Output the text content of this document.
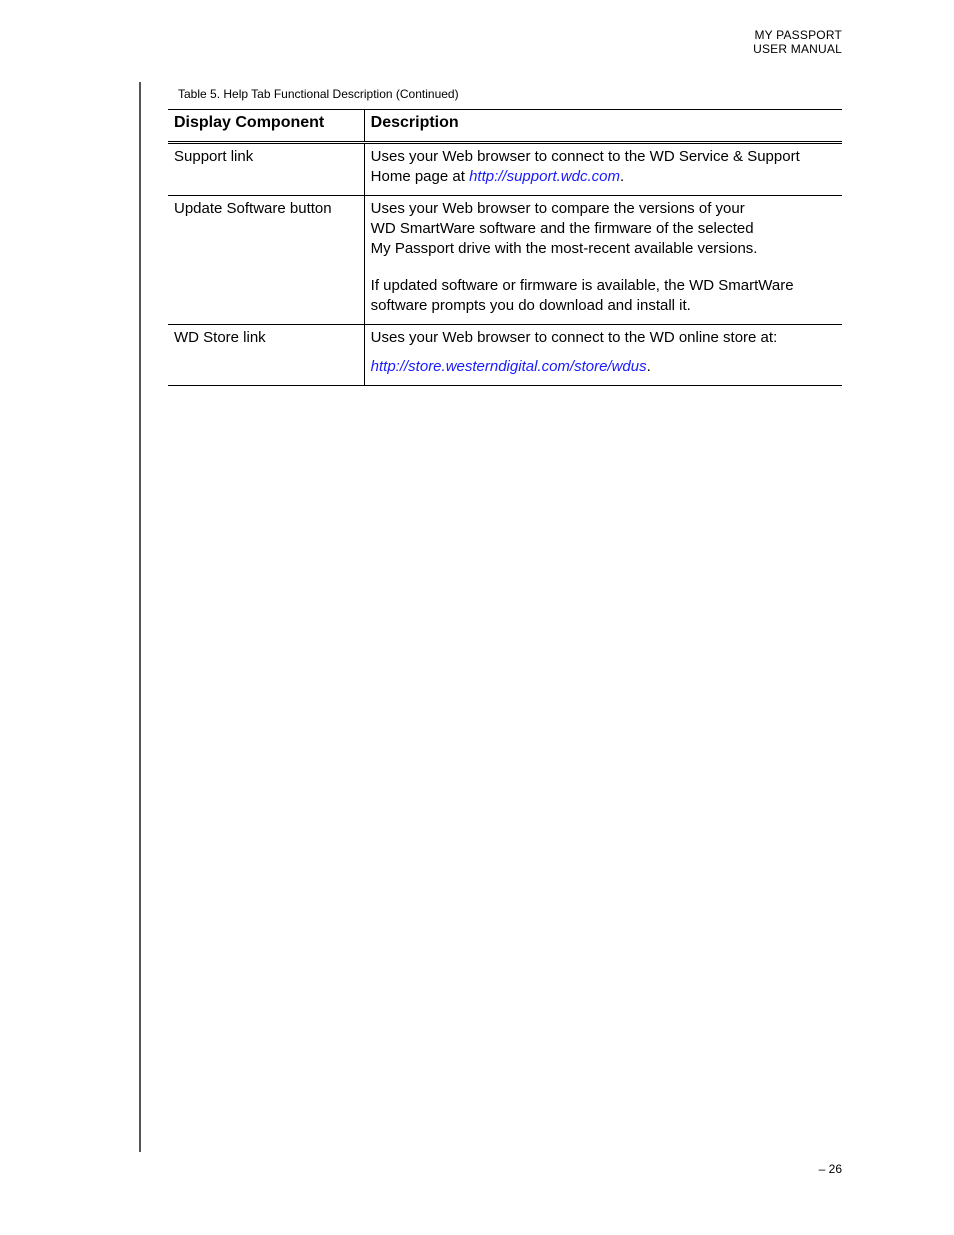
MY PASSPORT
USER MANUAL
Table 5. Help Tab Functional Description (Continued)
Display Component	Description
Support link	Uses your Web browser to connect to the WD Service & Support Home page at http://support.wdc.com.
Update Software button	Uses your Web browser to compare the versions of your
WD SmartWare software and the firmware of the selected
My Passport drive with the most-recent available versions.
If updated software or firmware is available, the WD SmartWare software prompts you do download and install it.

WD Store link	Uses your Web browser to connect to the WD online store at:
http://store.westerndigital.com/store/wdus.
– 26
